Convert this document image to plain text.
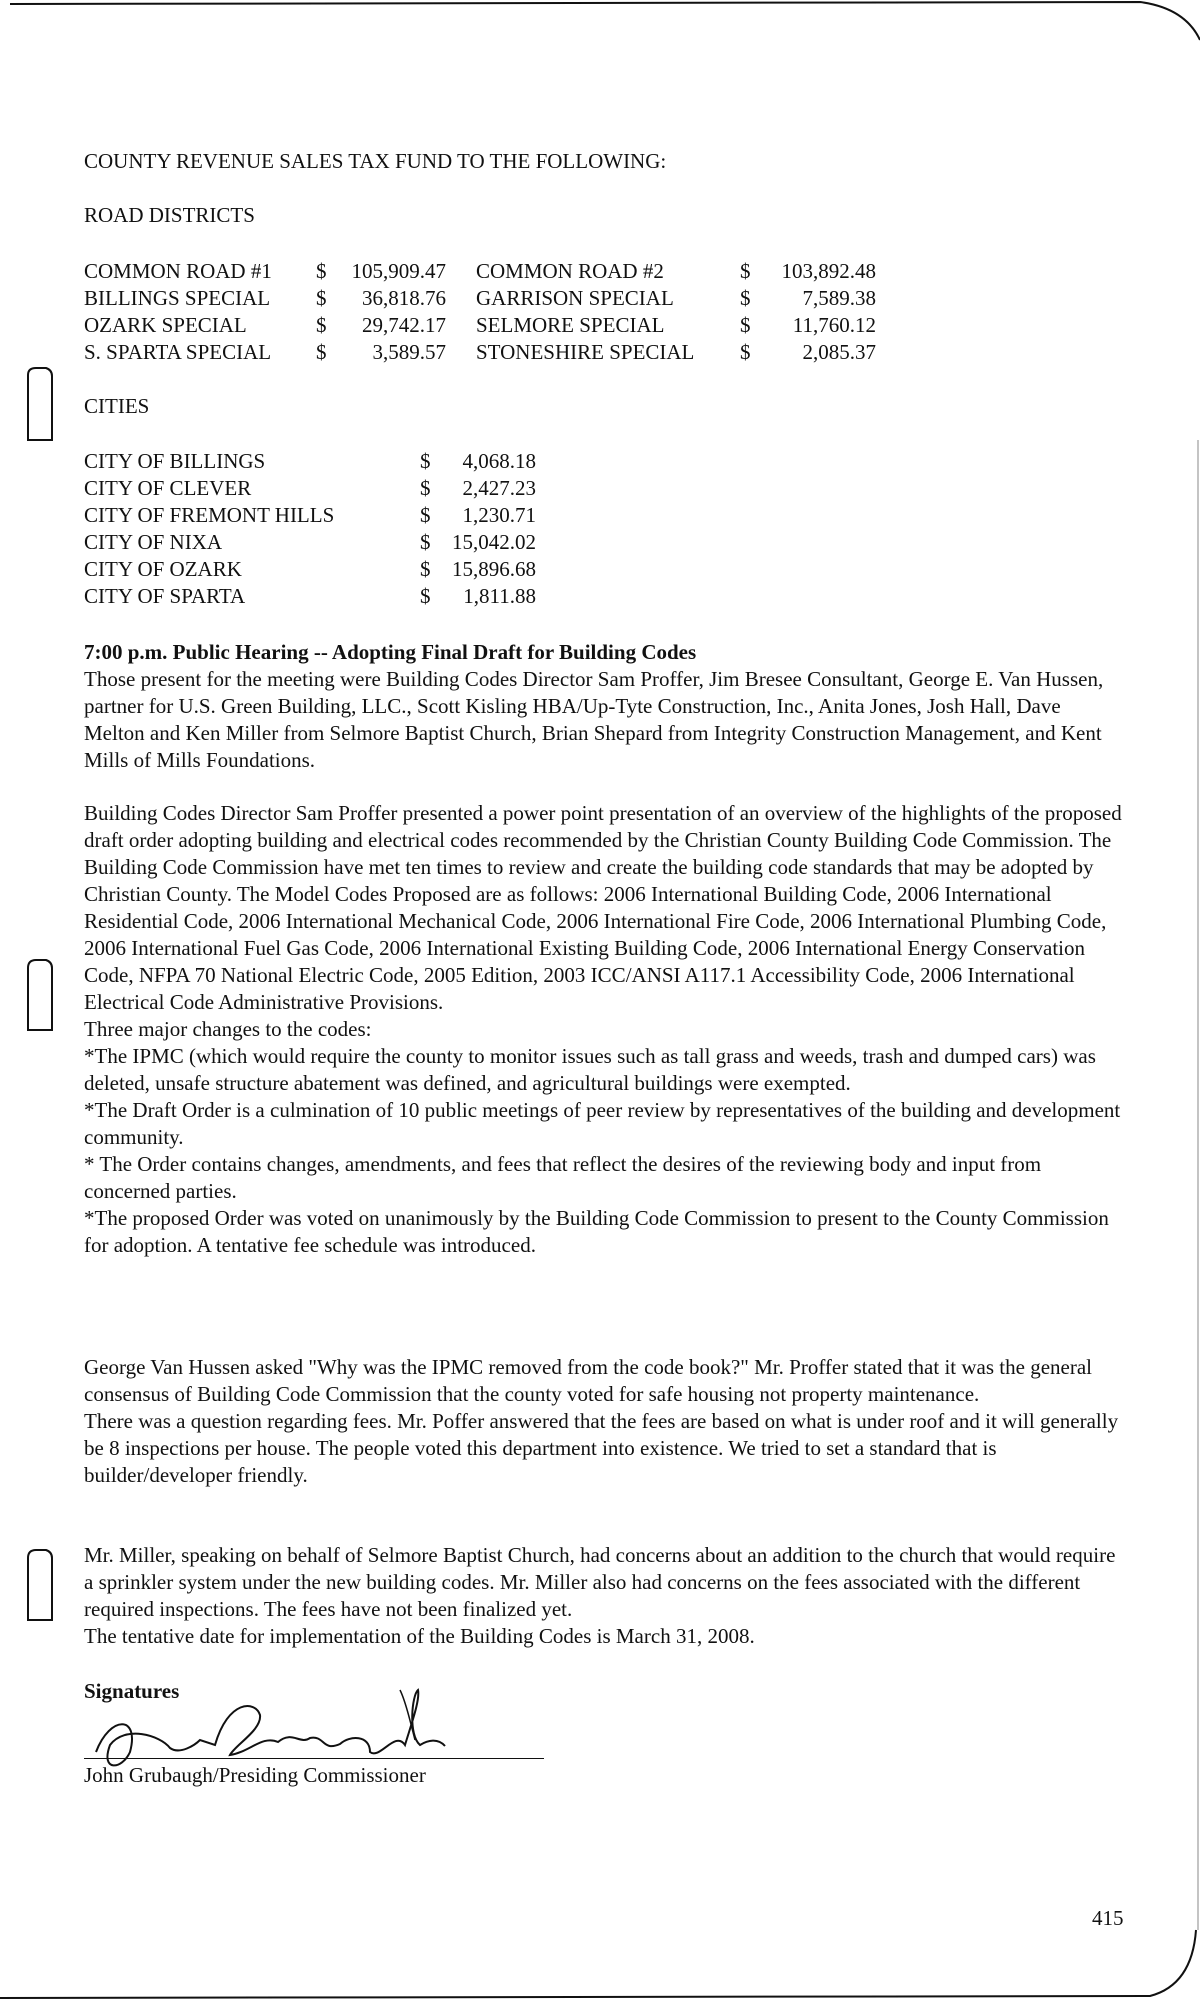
COUNTY REVENUE SALES TAX FUND TO THE FOLLOWING:
ROAD DISTRICTS
COMMON ROAD #1 $	105,909.47 COMMON ROAD #2	$	103,892.48
BILLINGS SPECIAL $	36,818.76 GARRISON SPECIAL	$	7,589.38
OZARK SPECIAL	$	29,742.17 SELMORE SPECIAL	$	11,760.12
S. SPARTA SPECIAL $	3,589.57 STONESHIRE SPECIAL $	2,085.37
CITIES
CITY OF BILLINGS	$	4,068.18
CITY OF CLEVER	$	2,427.23
CITY OF FREMONT HILLS	$	1,230.71
CITY OF NIXA	$	15,042.02
CITY OF OZARK	$	15,896.68
CITY OF SPARTA	$	1,811.88
7:00 p.m. Public Hearing -- Adopting Final Draft for Building Codes

Those present for the meeting were Building Codes Director Sam Proffer, Jim Bresee Consultant, George E. Van Hussen, partner for U.S. Green Building, LLC., Scott Kisling HBA/Up-Tyte Construction, Inc., Anita Jones, Josh Hall, Dave Melton and Ken Miller from Selmore Baptist Church, Brian Shepard from Integrity Construction Management, and Kent Mills of Mills Foundations.

Building Codes Director Sam Proffer presented a power point presentation of an overview of the highlights of the proposed draft order adopting building and electrical codes recommended by the Christian County Building Code Commission. The Building Code Commission have met ten times to review and create the building code standards that may be adopted by Christian County. The Model Codes Proposed are as follows: 2006 International Building Code, 2006 International Residential Code, 2006 International Mechanical Code, 2006 International Fire Code, 2006 International Plumbing Code, 2006 International Fuel Gas Code, 2006 International Existing Building Code, 2006 International Energy Conservation Code, NFPA 70 National Electric Code, 2005 Edition, 2003 ICC/ANSI A117.1 Accessibility Code, 2006 International Electrical Code Administrative Provisions.

Three major changes to the codes:

*The IPMC (which would require the county to monitor issues such as tall grass and weeds, trash and dumped cars) was deleted, unsafe structure abatement was defined, and agricultural buildings were exempted.

*The Draft Order is a culmination of 10 public meetings of peer review by representatives of the building and development community.

* The Order contains changes, amendments, and fees that reflect the desires of the reviewing body and input from concerned parties.

*The proposed Order was voted on unanimously by the Building Code Commission to present to the County Commission for adoption. A tentative fee schedule was introduced.

George Van Hussen asked "Why was the IPMC removed from the code book?" Mr. Proffer stated that it was the general consensus of Building Code Commission that the county voted for safe housing not property maintenance.

There was a question regarding fees. Mr. Poffer answered that the fees are based on what is under roof and it will generally be 8 inspections per house. The people voted this department into existence. We tried to set a standard that is builder/developer friendly.

Mr. Miller, speaking on behalf of Selmore Baptist Church, had concerns about an addition to the church that would require a sprinkler system under the new building codes. Mr. Miller also had concerns on the fees associated with the different required inspections. The fees have not been finalized yet.

The tentative date for implementation of the Building Codes is March 31, 2008.

Signatures
John Grubaugh/Presiding Commissioner
415
